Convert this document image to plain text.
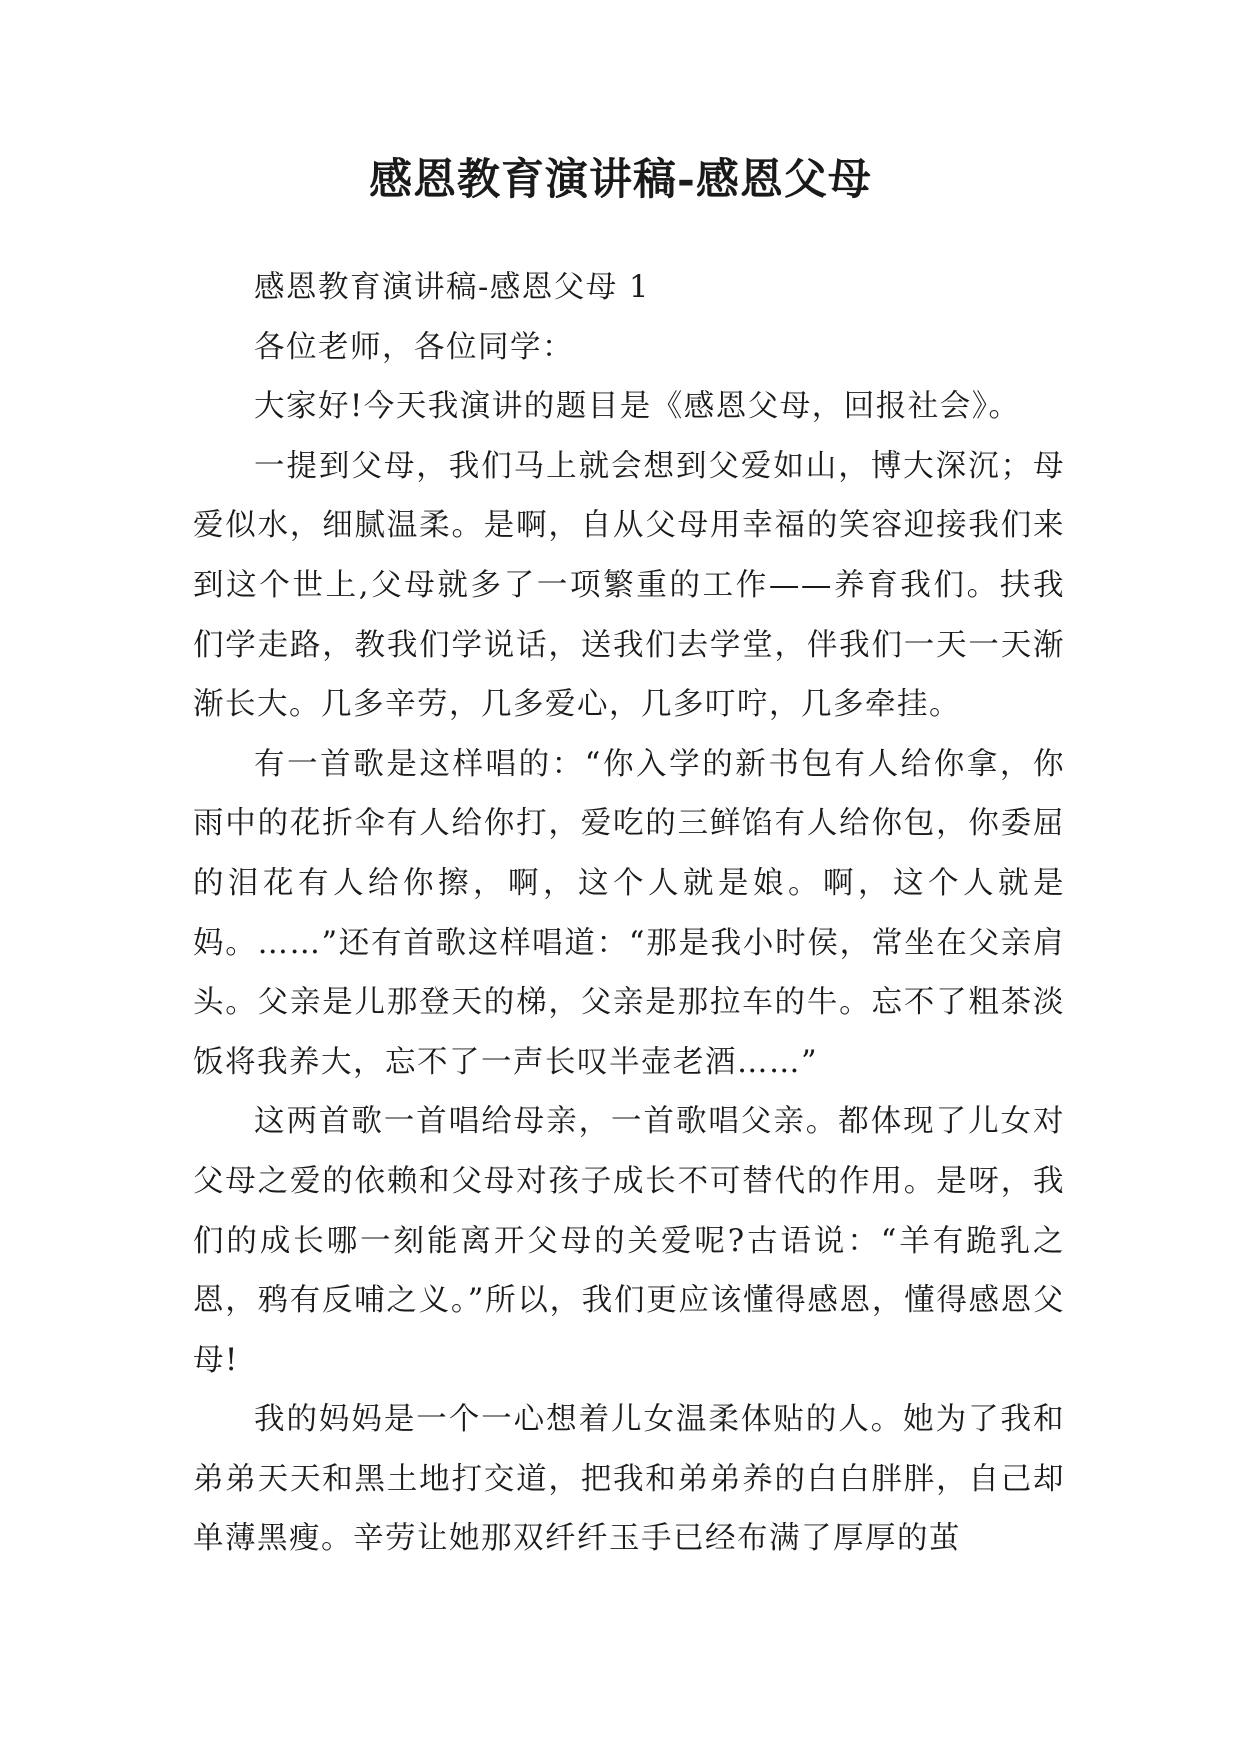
感恩教育演讲稿-感恩父母

感恩教育演讲稿-感恩父母 1

各位老师，各位同学：

大家好!今天我演讲的题目是《感恩父母，回报社会》。

一提到父母，我们马上就会想到父爱如山，博大深沉；母爱似水，细腻温柔。是啊，自从父母用幸福的笑容迎接我们来到这个世上,父母就多了一项繁重的工作——养育我们。扶我们学走路，教我们学说话，送我们去学堂，伴我们一天一天渐渐长大。几多辛劳，几多爱心，几多叮咛，几多牵挂。

有一首歌是这样唱的：“你入学的新书包有人给你拿，你雨中的花折伞有人给你打，爱吃的三鲜馅有人给你包，你委屈的泪花有人给你擦，啊，这个人就是娘。啊，这个人就是妈。……”还有首歌这样唱道：“那是我小时侯，常坐在父亲肩头。父亲是儿那登天的梯，父亲是那拉车的牛。忘不了粗茶淡饭将我养大，忘不了一声长叹半壶老酒……”

这两首歌一首唱给母亲，一首歌唱父亲。都体现了儿女对父母之爱的依赖和父母对孩子成长不可替代的作用。是呀，我们的成长哪一刻能离开父母的关爱呢?古语说：“羊有跪乳之恩，鸦有反哺之义。”所以，我们更应该懂得感恩，懂得感恩父母!

我的妈妈是一个一心想着儿女温柔体贴的人。她为了我和弟弟天天和黑土地打交道，把我和弟弟养的白白胖胖，自己却单薄黑瘦。辛劳让她那双纤纤玉手已经布满了厚厚的茧
